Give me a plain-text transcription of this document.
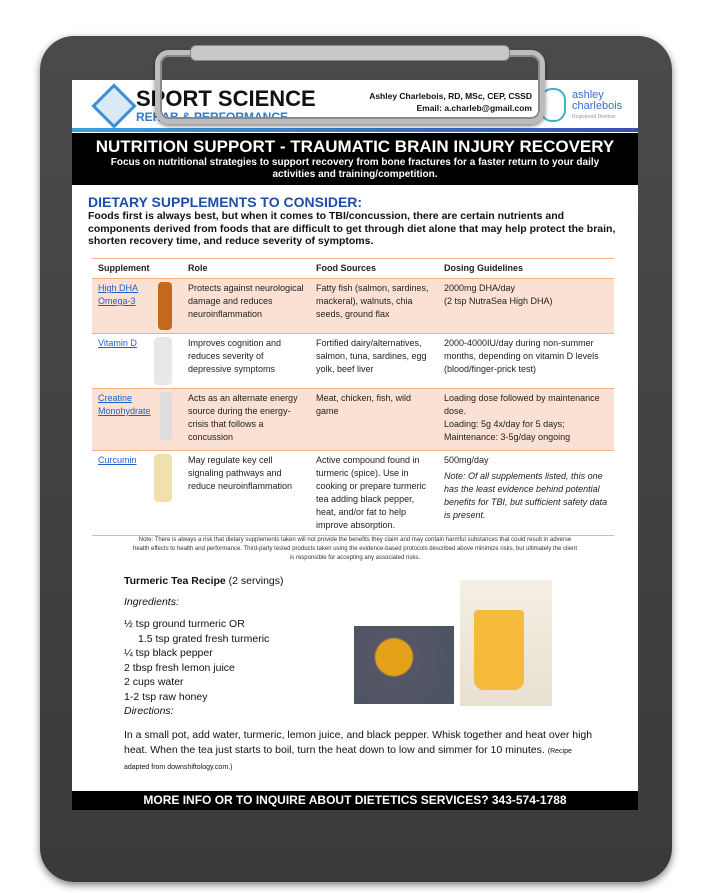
SPORT SCIENCE
REHAB & PERFORMANCE
Ashley Charlebois, RD, MSc, CEP, CSSD
Email: a.charleb@gmail.com
Phone: 613-325-8718
ashley charlebois
Registered Dietitian
NUTRITION SUPPORT - TRAUMATIC BRAIN INJURY RECOVERY

Focus on nutritional strategies to support recovery from bone fractures for a faster return to your daily activities and training/competition.

DIETARY SUPPLEMENTS TO CONSIDER:
Foods first is always best, but when it comes to TBI/concussion, there are certain nutrients and components derived from foods that are difficult to get through diet alone that may help protect the brain, shorten recovery time, and reduce severity of symptoms.
Supplement	Role	Food Sources	Dosing Guidelines

High DHA Omega-3	Protects against neurological damage and reduces neuroinflammation	Fatty fish (salmon, sardines, mackeral), walnuts, chia seeds, ground flax	2000mg DHA/day
(2 tsp NutraSea High DHA)

Vitamin D	Improves cognition and reduces severity of depressive symptoms	Fortified dairy/alternatives, salmon, tuna, sardines, egg yolk, beef liver	2000-4000IU/day during non-summer months, depending on vitamin D levels (blood/finger-prick test)

Creatine Monohydrate	Acts as an alternate energy source during the energy-crisis that follows a concussion	Meat, chicken, fish, wild game	Loading dose followed by maintenance dose.
Loading: 5g 4x/day for 5 days;
Maintenance: 3-5g/day ongoing

Curcumin	May regulate key cell signaling pathways and reduce neuroinflammation	Active compound found in turmeric (spice). Use in cooking or prepare turmeric tea adding black pepper, heat, and/or fat to help improve absorption.	500mg/day
Note: Of all supplements listed, this one has the least evidence behind potential benefits for TBI, but sufficient safety data is present.
Note: There is always a risk that dietary supplements taken will not provide the benefits they claim and may contain harmful substances that could result in adverse health effects to health and performance. Third-party tested products taken using the evidence-based protocols described above minimize risks, but ultimately the client is responsible for accepting any associated risks.
Turmeric Tea Recipe (2 servings)
Ingredients:
½ tsp ground turmeric OR
1.5 tsp grated fresh turmeric
¼ tsp black pepper
2 tbsp fresh lemon juice
2 cups water
1-2 tsp raw honey
Directions:
In a small pot, add water, turmeric, lemon juice, and black pepper. Whisk together and heat over high heat. When the tea just starts to boil, turn the heat down to low and simmer for 10 minutes. (Recipe adapted from downshiftology.com.)
MORE INFO OR TO INQUIRE ABOUT DIETETICS SERVICES? 343-574-1788
